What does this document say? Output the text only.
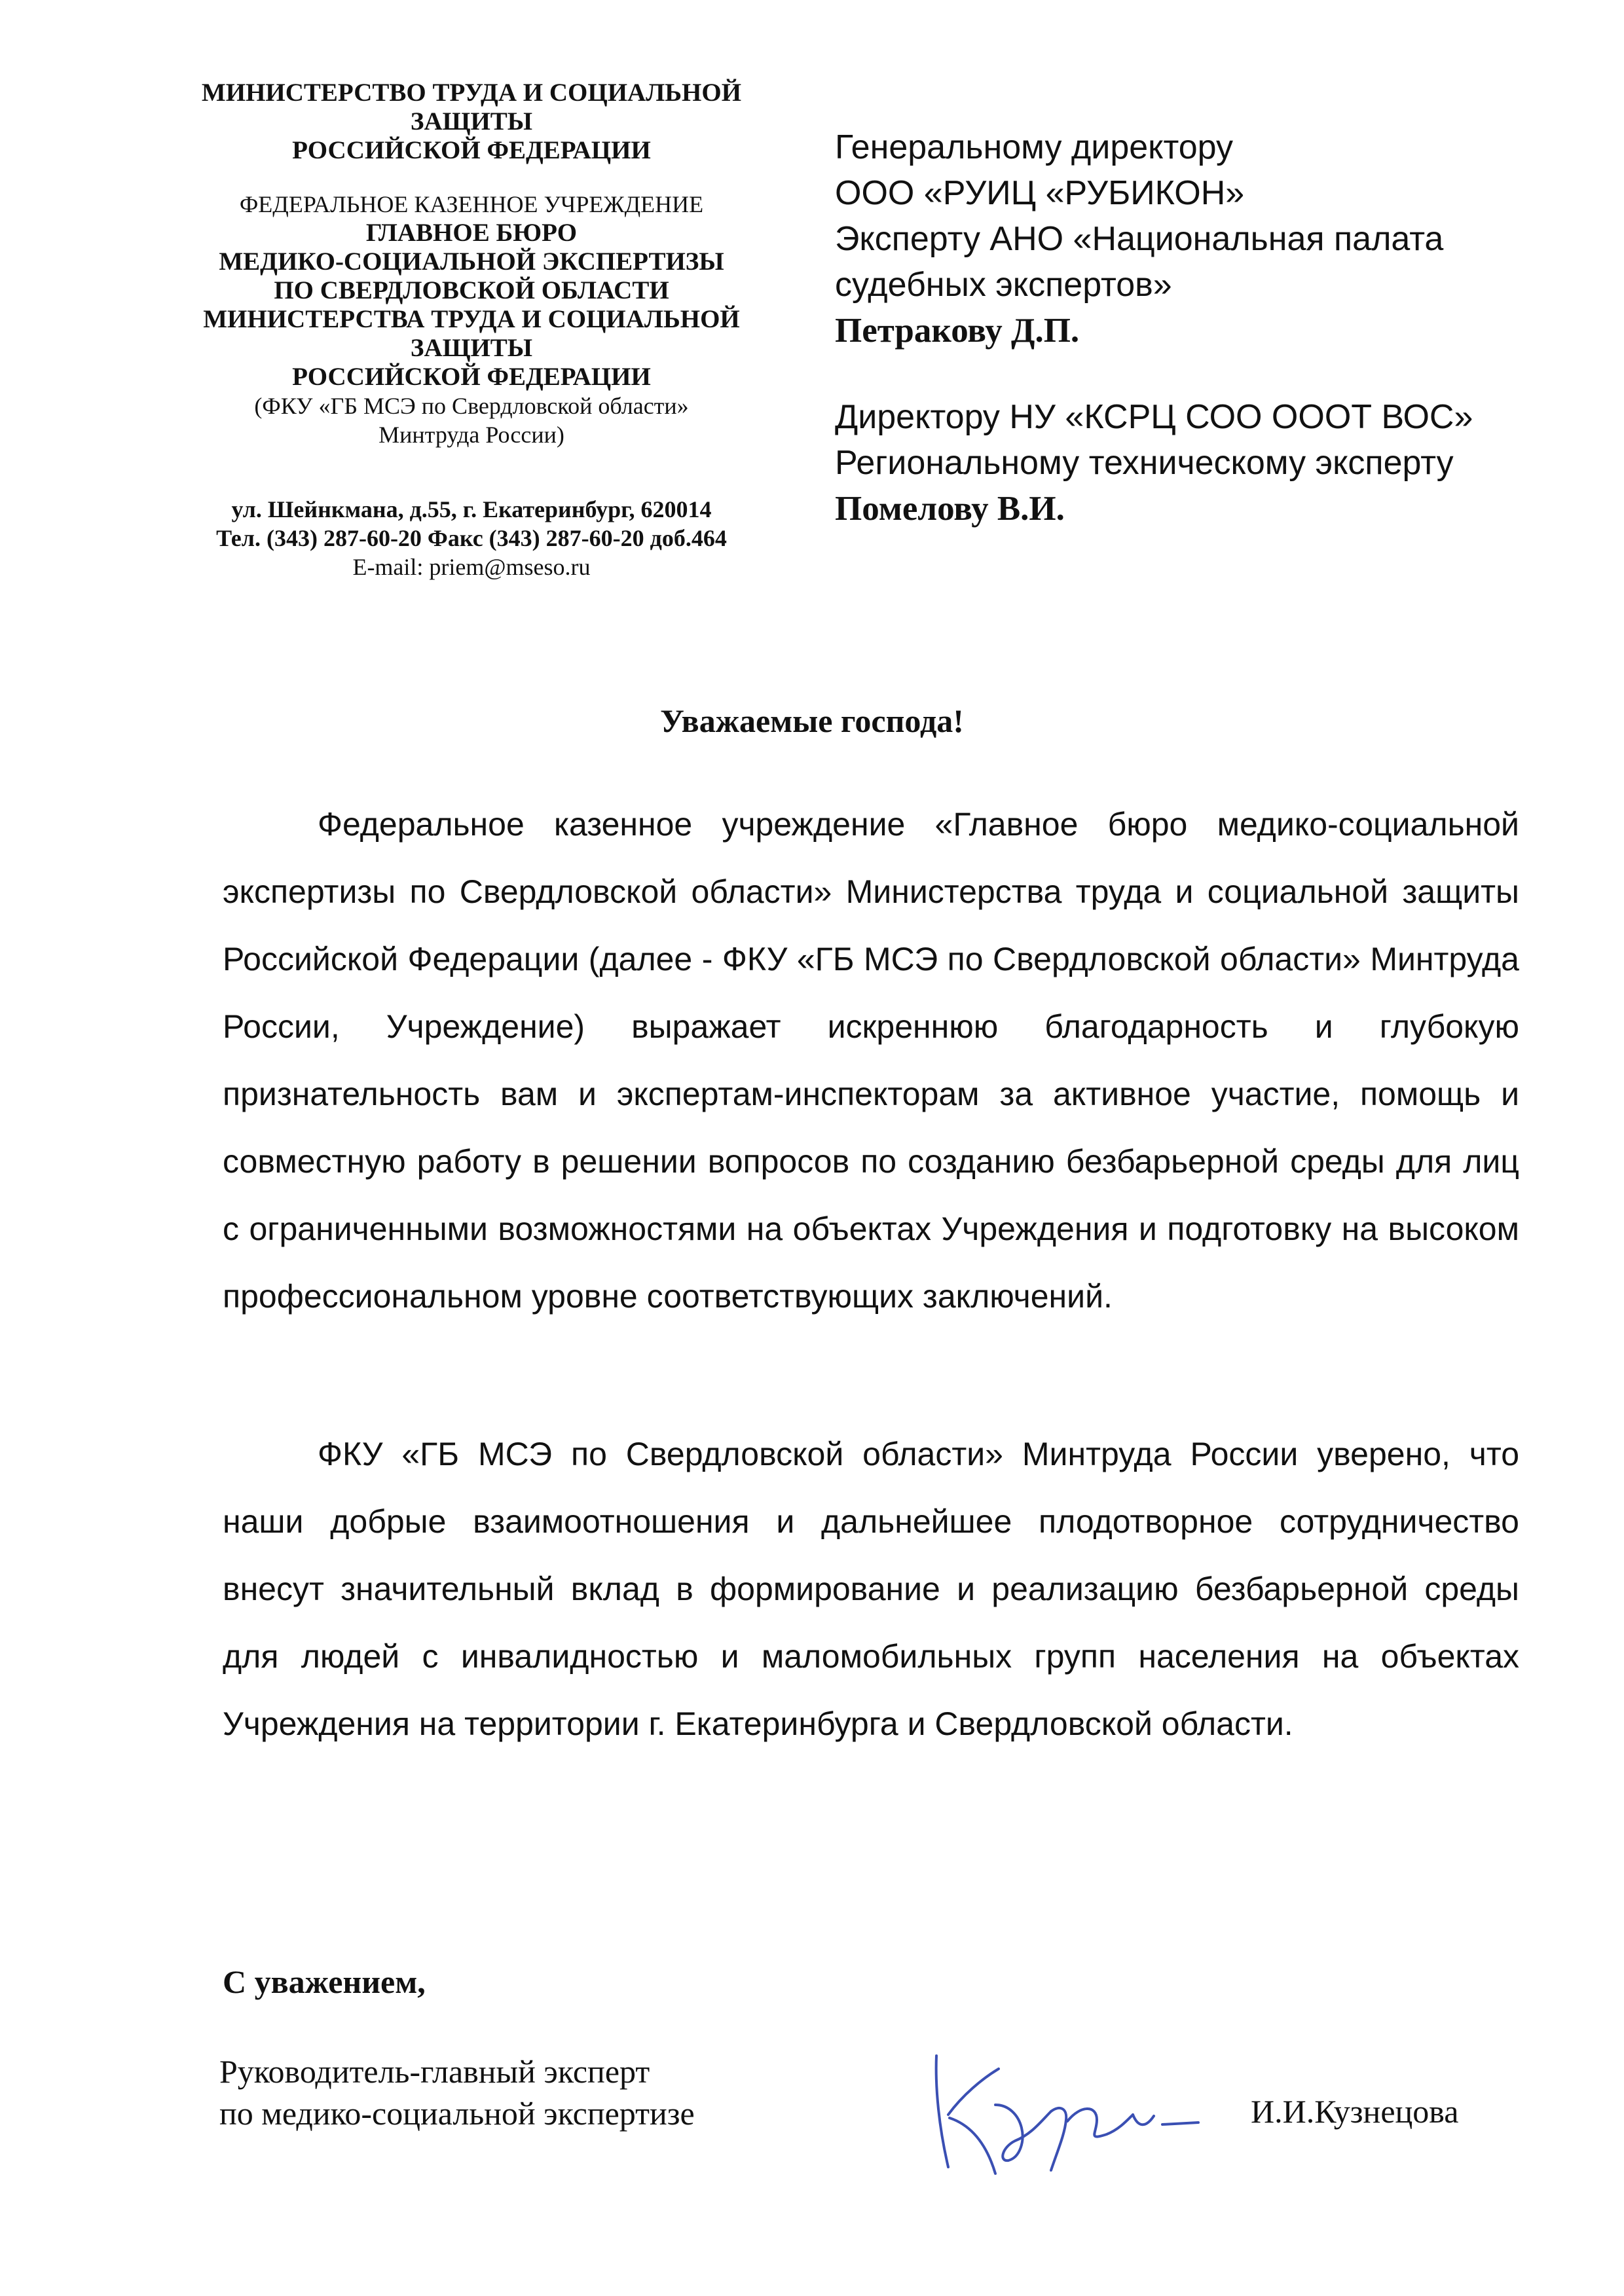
МИНИСТЕРСТВО ТРУДА И СОЦИАЛЬНОЙ

ЗАЩИТЫ

РОССИЙСКОЙ ФЕДЕРАЦИИ

ФЕДЕРАЛЬНОЕ КАЗЕННОЕ УЧРЕЖДЕНИЕ

ГЛАВНОЕ БЮРО

МЕДИКО-СОЦИАЛЬНОЙ ЭКСПЕРТИЗЫ

ПО СВЕРДЛОВСКОЙ ОБЛАСТИ

МИНИСТЕРСТВА ТРУДА И СОЦИАЛЬНОЙ

ЗАЩИТЫ

РОССИЙСКОЙ ФЕДЕРАЦИИ

(ФКУ «ГБ МСЭ по Свердловской области»

Минтруда России)

ул. Шейнкмана, д.55, г. Екатеринбург, 620014

Тел. (343) 287-60-20 Факс (343) 287-60-20 доб.464

E-mail: priem@mseso.ru

Генеральному директору

ООО «РУИЦ «РУБИКОН»

Эксперту АНО «Национальная палата

судебных экспертов»

Петракову Д.П.

Директору НУ «КСРЦ СОО ОООТ ВОС»

Региональному техническому эксперту

Помелову В.И.

Уважаемые господа!

Федеральное казенное учреждение «Главное бюро медико-социальной экспертизы по Свердловской области» Министерства труда и социальной защиты Российской Федерации (далее - ФКУ «ГБ МСЭ по Свердловской области» Минтруда России, Учреждение) выражает искреннюю благодарность и глубокую признательность вам и экспертам-инспекторам за активное участие, помощь и совместную работу в решении вопросов по созданию безбарьерной среды для лиц с ограниченными возможностями на объектах Учреждения и подготовку на высоком профессиональном уровне соответствующих заключений.

ФКУ «ГБ МСЭ по Свердловской области» Минтруда России уверено, что наши добрые взаимоотношения и дальнейшее плодотворное сотрудничество внесут значительный вклад в формирование и реализацию безбарьерной среды для людей с инвалидностью и маломобильных групп населения на объектах Учреждения на территории г. Екатеринбурга и Свердловской области.

С уважением,

Руководитель-главный эксперт

по медико-социальной экспертизе	И.И.Кузнецова
